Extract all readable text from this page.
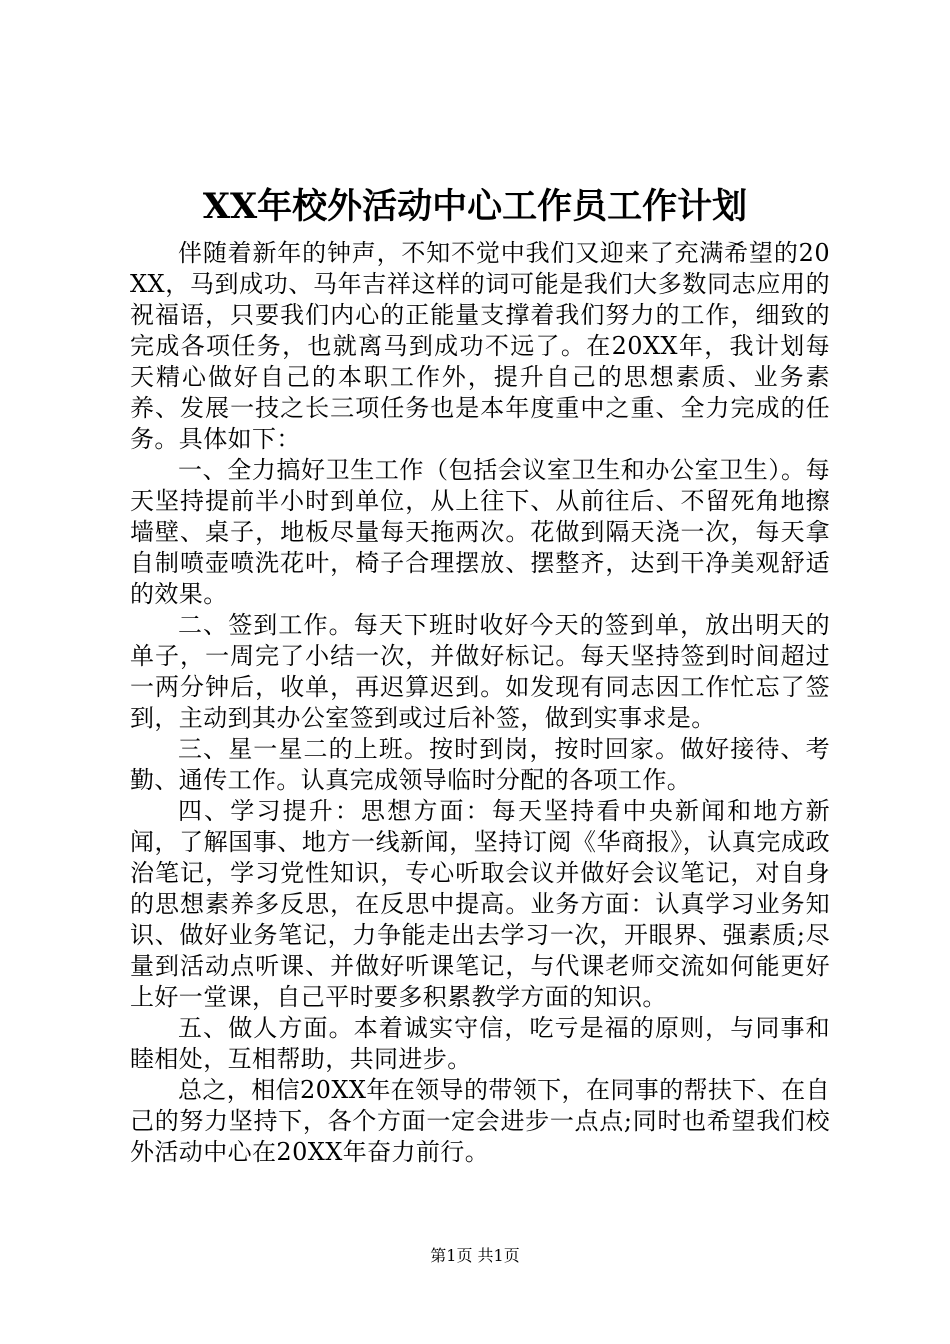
XX年校外活动中心工作员工作计划

伴随着新年的钟声，不知不觉中我们又迎来了充满希望的20XX，马到成功、马年吉祥这样的词可能是我们大多数同志应用的祝福语，只要我们内心的正能量支撑着我们努力的工作，细致的完成各项任务，也就离马到成功不远了。在20XX年，我计划每天精心做好自己的本职工作外，提升自己的思想素质、业务素养、发展一技之长三项任务也是本年度重中之重、全力完成的任务。具体如下：

一、全力搞好卫生工作（包括会议室卫生和办公室卫生）。每天坚持提前半小时到单位，从上往下、从前往后、不留死角地擦墙壁、桌子，地板尽量每天拖两次。花做到隔天浇一次，每天拿自制喷壶喷洗花叶，椅子合理摆放、摆整齐，达到干净美观舒适的效果。

二、签到工作。每天下班时收好今天的签到单，放出明天的单子，一周完了小结一次，并做好标记。每天坚持签到时间超过一两分钟后，收单，再迟算迟到。如发现有同志因工作忙忘了签到，主动到其办公室签到或过后补签，做到实事求是。

三、星一星二的上班。按时到岗，按时回家。做好接待、考勤、通传工作。认真完成领导临时分配的各项工作。

四、学习提升：思想方面：每天坚持看中央新闻和地方新闻，了解国事、地方一线新闻，坚持订阅《华商报》，认真完成政治笔记，学习党性知识，专心听取会议并做好会议笔记，对自身的思想素养多反思，在反思中提高。业务方面：认真学习业务知识、做好业务笔记，力争能走出去学习一次，开眼界、强素质;尽量到活动点听课、并做好听课笔记，与代课老师交流如何能更好上好一堂课，自己平时要多积累教学方面的知识。

五、做人方面。本着诚实守信，吃亏是福的原则，与同事和睦相处，互相帮助，共同进步。

总之，相信20XX年在领导的带领下，在同事的帮扶下、在自己的努力坚持下，各个方面一定会进步一点点;同时也希望我们校外活动中心在20XX年奋力前行。

第1页 共1页
